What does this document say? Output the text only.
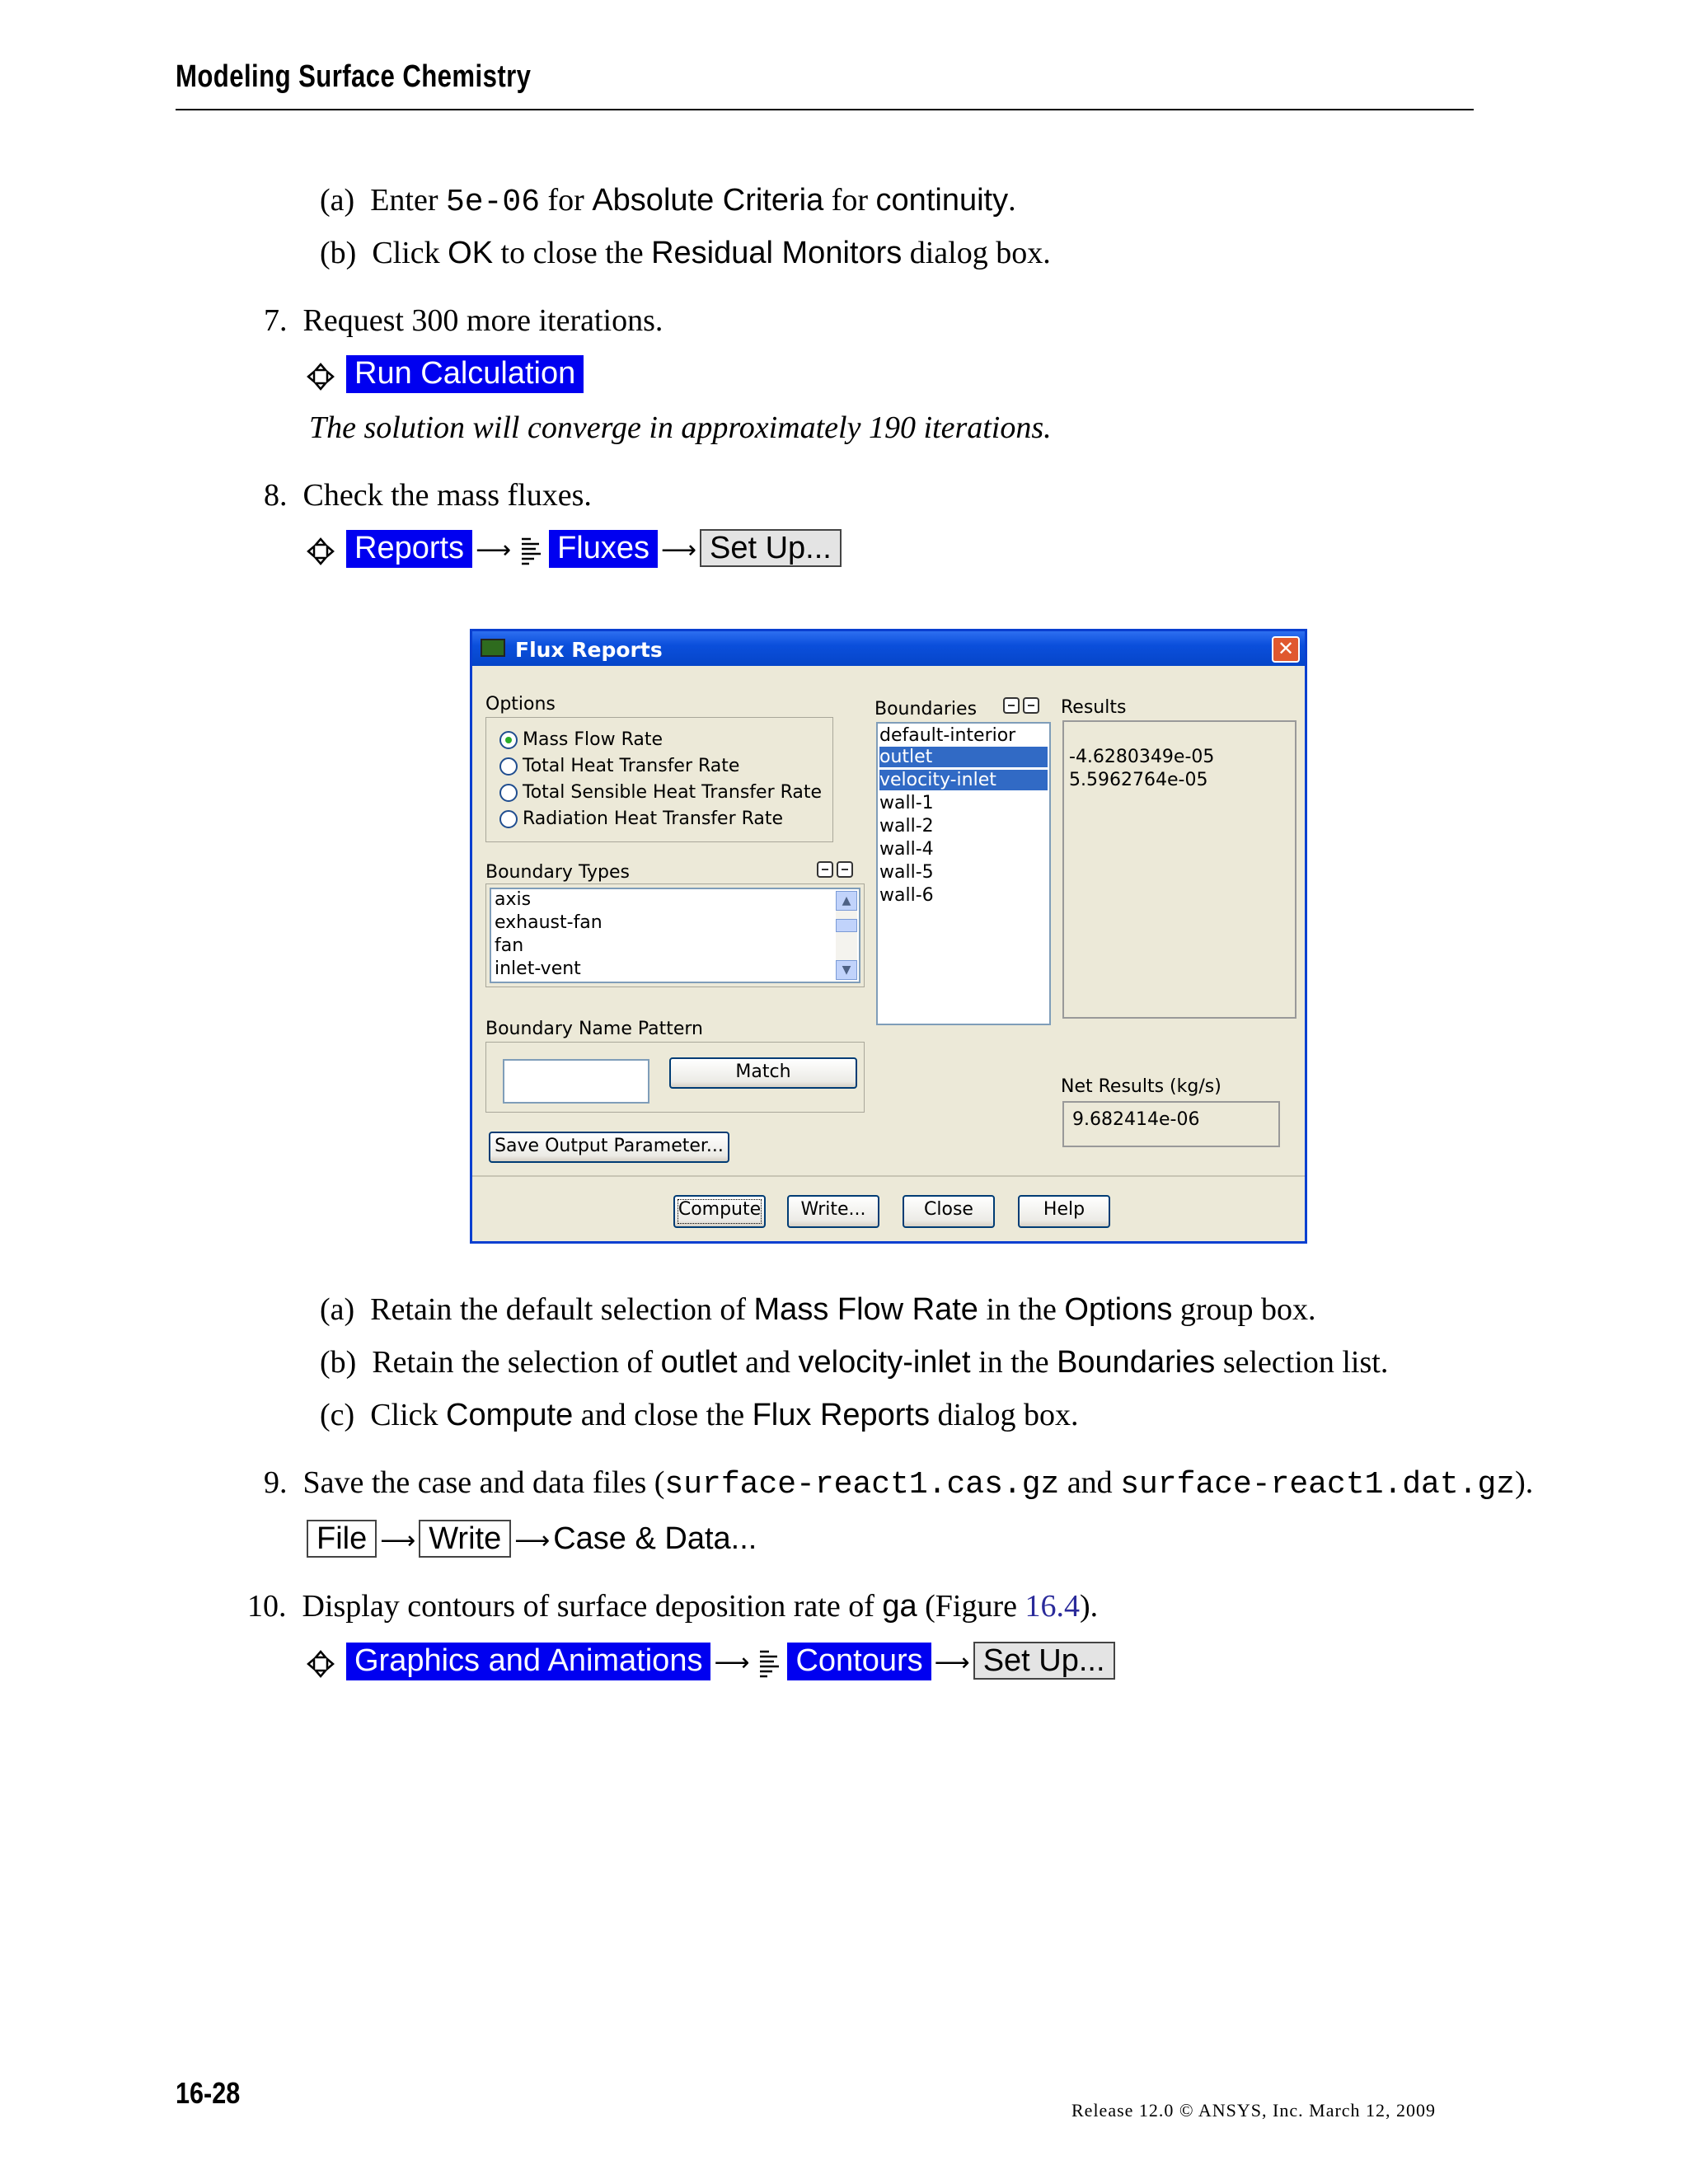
Modeling Surface Chemistry
(a) Enter 5e-06 for Absolute Criteria for continuity.
(b) Click OK to close the Residual Monitors dialog box.
7. Request 300 more iterations.
Run Calculation
The solution will converge in approximately 190 iterations.
8. Check the mass fluxes.
Reports ⟶ Fluxes ⟶ Set Up...
Flux Reports	✕
Options
Mass Flow Rate
Total Heat Transfer Rate
Total Sensible Heat Transfer Rate
Radiation Heat Transfer Rate
Boundary Types
axis
exhaust-fan
fan
inlet-vent
▲
▼
Boundary Name Pattern
Match
Save Output Parameter...
Boundaries
default-interior
outlet
velocity-inlet
wall-1
wall-2
wall-4
wall-5
wall-6
Results
-4.6280349e-05
5.5962764e-05
Net Results (kg/s)
9.682414e-06
Compute	Write...	Close	Help
(a) Retain the default selection of Mass Flow Rate in the Options group box.
(b) Retain the selection of outlet and velocity-inlet in the Boundaries selection list.
(c) Click Compute and close the Flux Reports dialog box.
9. Save the case and data files (surface-react1.cas.gz and surface-react1.dat.gz).
File ⟶ Write ⟶ Case & Data...
10. Display contours of surface deposition rate of ga (Figure 16.4).
Graphics and Animations ⟶ Contours ⟶ Set Up...
16-28
Release 12.0 © ANSYS, Inc. March 12, 2009
